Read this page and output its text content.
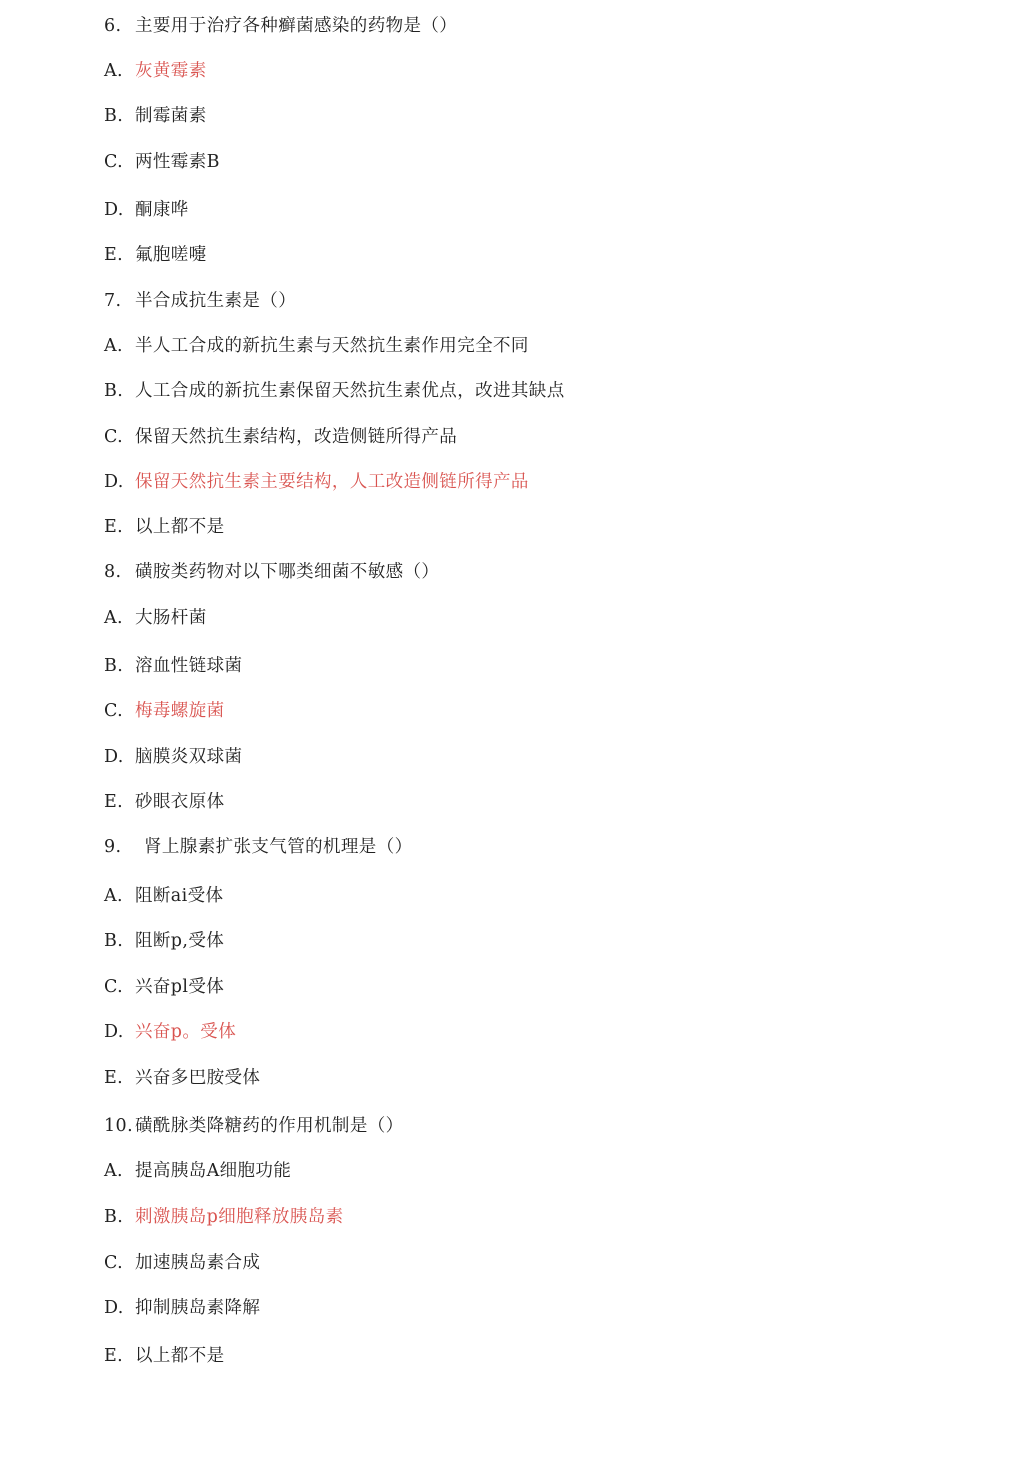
6. 主要用于治疗各种癣菌感染的药物是（）
A. 灰黄霉素
B. 制霉菌素
C. 两性霉素B
D. 酮康哗
E. 氟胞嗟嚏
7. 半合成抗生素是（）
A. 半人工合成的新抗生素与天然抗生素作用完全不同
B. 人工合成的新抗生素保留天然抗生素优点，改进其缺点
C. 保留天然抗生素结构，改造侧链所得产品
D. 保留天然抗生素主要结构，人工改造侧链所得产品
E. 以上都不是
8. 磺胺类药物对以下哪类细菌不敏感（）
A. 大肠杆菌
B. 溶血性链球菌
C. 梅毒螺旋菌
D. 脑膜炎双球菌
E. 砂眼衣原体
9. 肾上腺素扩张支气管的机理是（）
A. 阻断ai受体
B. 阻断p,受体
C. 兴奋pl受体
D. 兴奋p。受体
E. 兴奋多巴胺受体
10. 磺酰脉类降糖药的作用机制是（）
A. 提高胰岛A细胞功能
B. 刺激胰岛p细胞释放胰岛素
C. 加速胰岛素合成
D. 抑制胰岛素降解
E. 以上都不是
